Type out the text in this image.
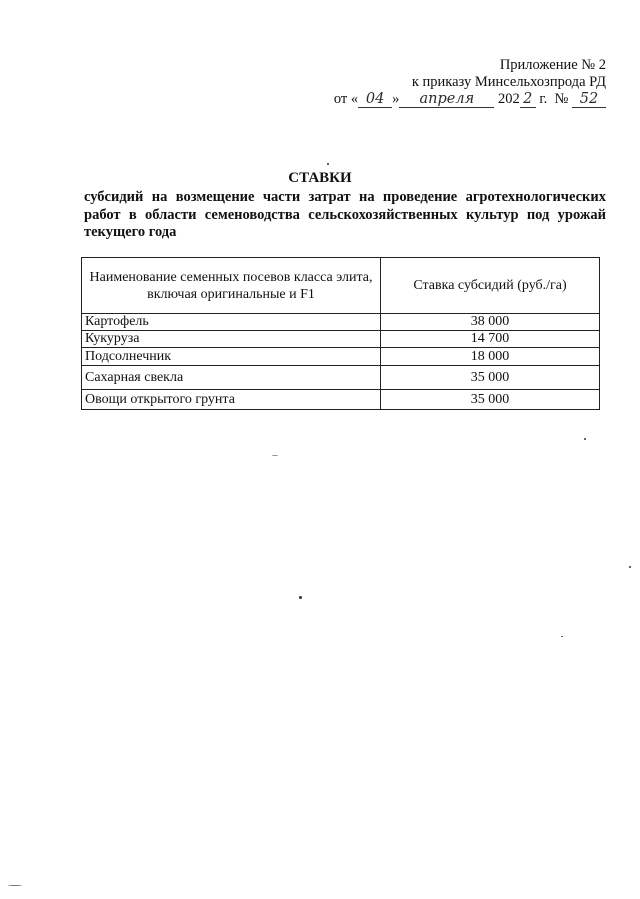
Приложение № 2
к приказу Минсельхозпрода РД
от « 04 » апреля 202 2 г. № 52
СТАВКИ
субсидий на возмещение части затрат на проведение агротехнологических работ в области семеноводства сельскохозяйственных культур под урожай текущего года
Наименование семенных посевов класса элита, включая оригинальные и F1	Ставка субсидий (руб./га)
Картофель	38 000
Кукуруза	14 700
Подсолнечник	18 000
Сахарная свекла	35 000
Овощи открытого грунта	35 000
